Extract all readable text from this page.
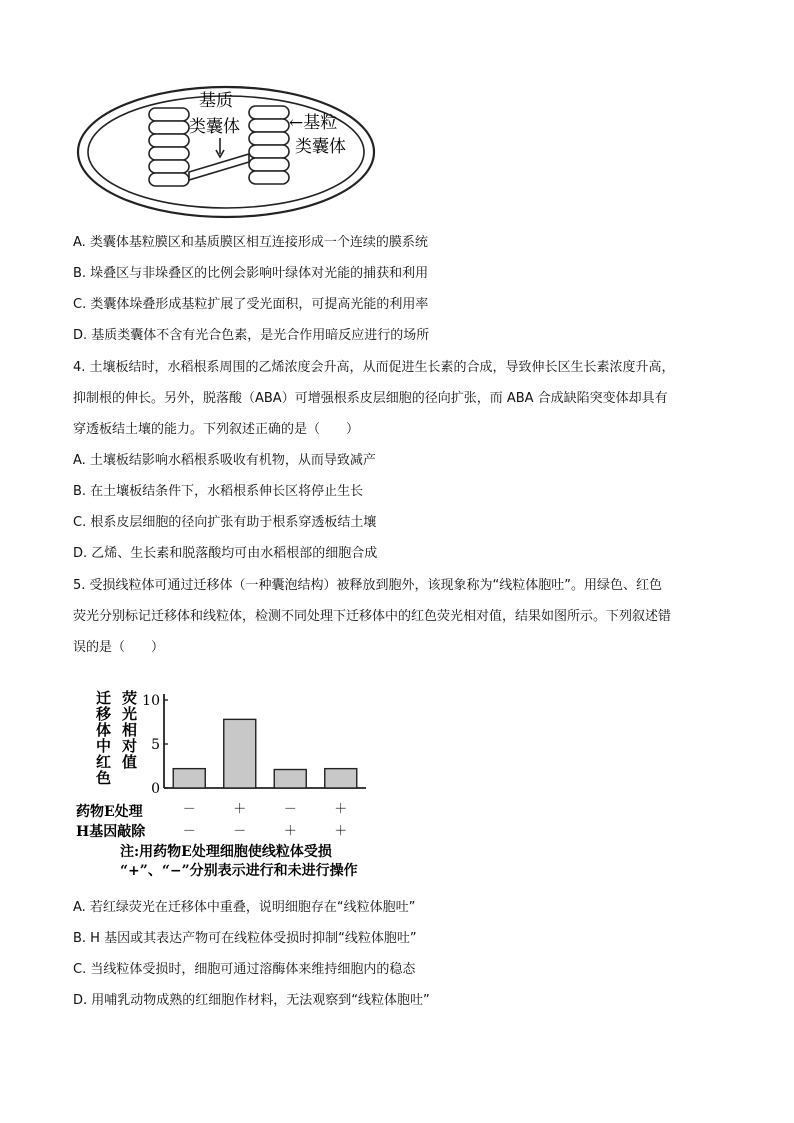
基质
类囊体	←基粒
类囊体
A. 类囊体基粒膜区和基质膜区相互连接形成一个连续的膜系统
B. 垛叠区与非垛叠区的比例会影响叶绿体对光能的捕获和利用
C. 类囊体垛叠形成基粒扩展了受光面积，可提高光能的利用率
D. 基质类囊体不含有光合色素，是光合作用暗反应进行的场所
4. 土壤板结时，水稻根系周围的乙烯浓度会升高，从而促进生长素的合成，导致伸长区生长素浓度升高，
抑制根的伸长。另外，脱落酸（ABA）可增强根系皮层细胞的径向扩张，而 ABA 合成缺陷突变体却具有
穿透板结土壤的能力。下列叙述正确的是（　　）
A. 土壤板结影响水稻根系吸收有机物，从而导致减产
B. 在土壤板结条件下，水稻根系伸长区将停止生长
C. 根系皮层细胞的径向扩张有助于根系穿透板结土壤
D. 乙烯、生长素和脱落酸均可由水稻根部的细胞合成
5. 受损线粒体可通过迁移体（一种囊泡结构）被释放到胞外，该现象称为“线粒体胞吐”。用绿色、红色
荧光分别标记迁移体和线粒体，检测不同处理下迁移体中的红色荧光相对值，结果如图所示。下列叙述错
误的是（　　）
迁移体中红色 荧光相对值
0
5
10
药物E处理
H基因敲除
－	＋	－	＋
－	－	＋	＋
注:用药物E处理细胞使线粒体受损
“+”、“−”分别表示进行和未进行操作
A. 若红绿荧光在迁移体中重叠，说明细胞存在“线粒体胞吐”
B. H 基因或其表达产物可在线粒体受损时抑制“线粒体胞吐”
C. 当线粒体受损时，细胞可通过溶酶体来维持细胞内的稳态
D. 用哺乳动物成熟的红细胞作材料，无法观察到“线粒体胞吐”
